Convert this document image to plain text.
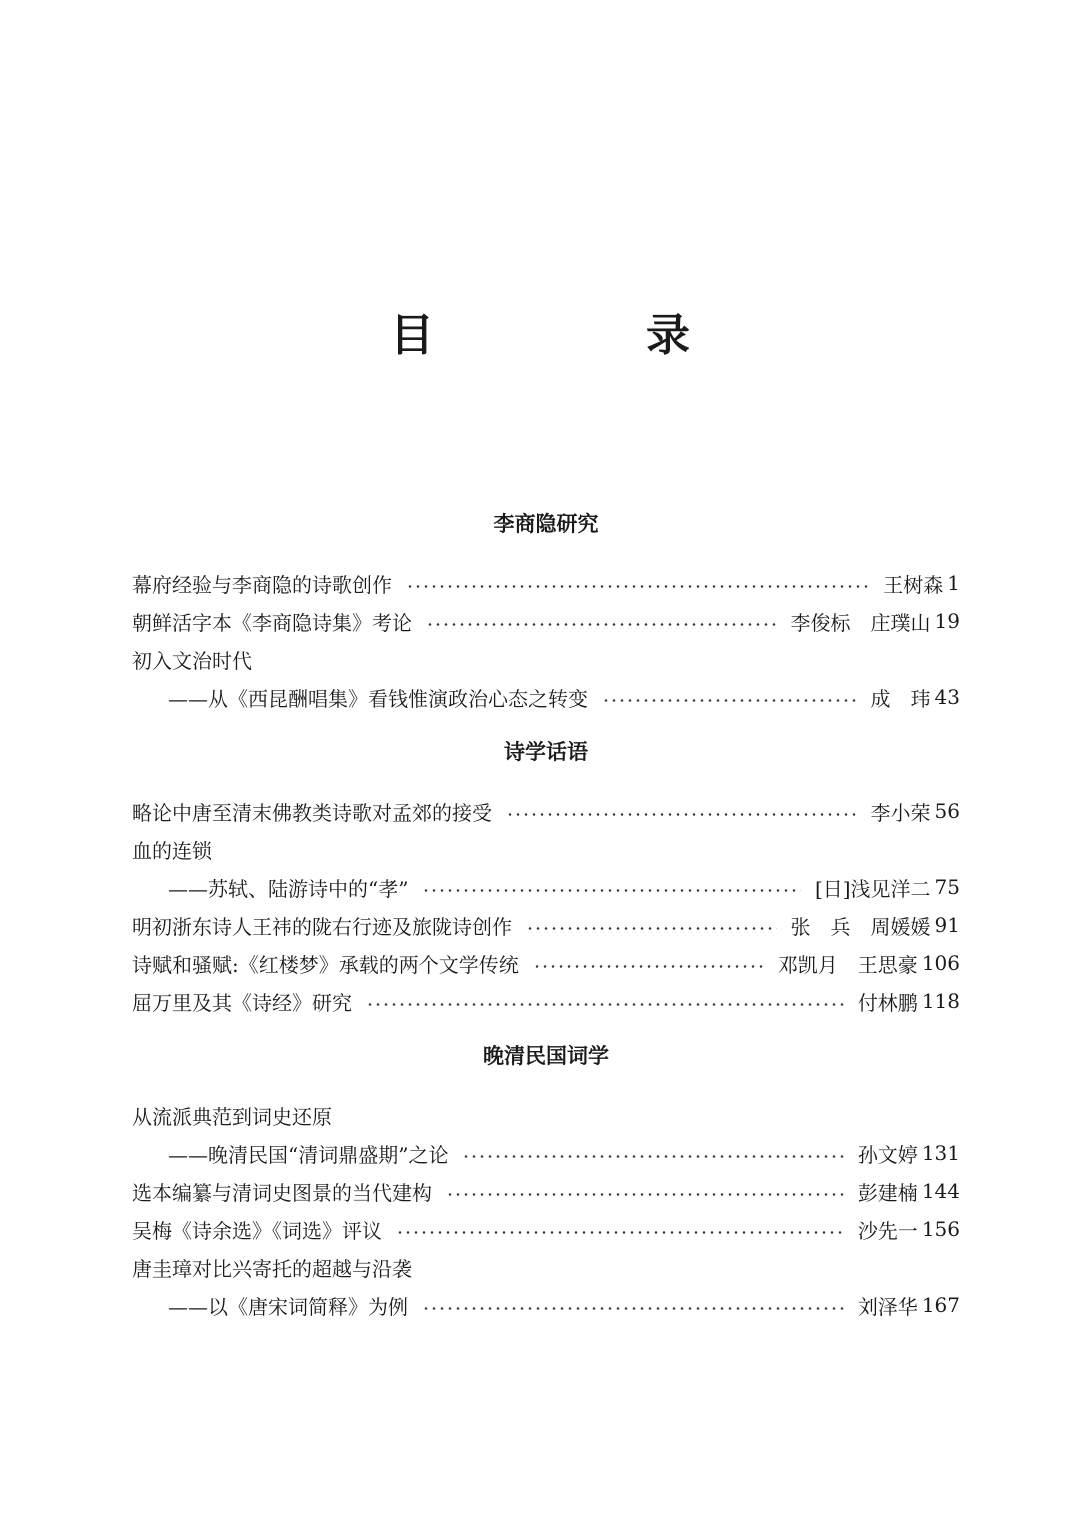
目　录
李商隐研究
幕府经验与李商隐的诗歌创作	王树森 1
朝鲜活字本《李商隐诗集》考论	李俊标　庄璞山 19
初入文治时代
——从《西昆酬唱集》看钱惟演政治心态之转变	成　玮 43
诗学话语
略论中唐至清末佛教类诗歌对孟郊的接受	李小荣 56
血的连锁
——苏轼、陆游诗中的“孝”	[日]浅见洋二 75
明初浙东诗人王祎的陇右行迹及旅陇诗创作	张　兵　周媛媛 91
诗赋和骚赋:《红楼梦》承载的两个文学传统	邓凯月　王思豪 106
屈万里及其《诗经》研究	付林鹏 118
晚清民国词学
从流派典范到词史还原
——晚清民国“清词鼎盛期”之论	孙文婷 131
选本编纂与清词史图景的当代建构	彭建楠 144
吴梅《诗余选》《词选》评议	沙先一 156
唐圭璋对比兴寄托的超越与沿袭
——以《唐宋词简释》为例	刘泽华 167
